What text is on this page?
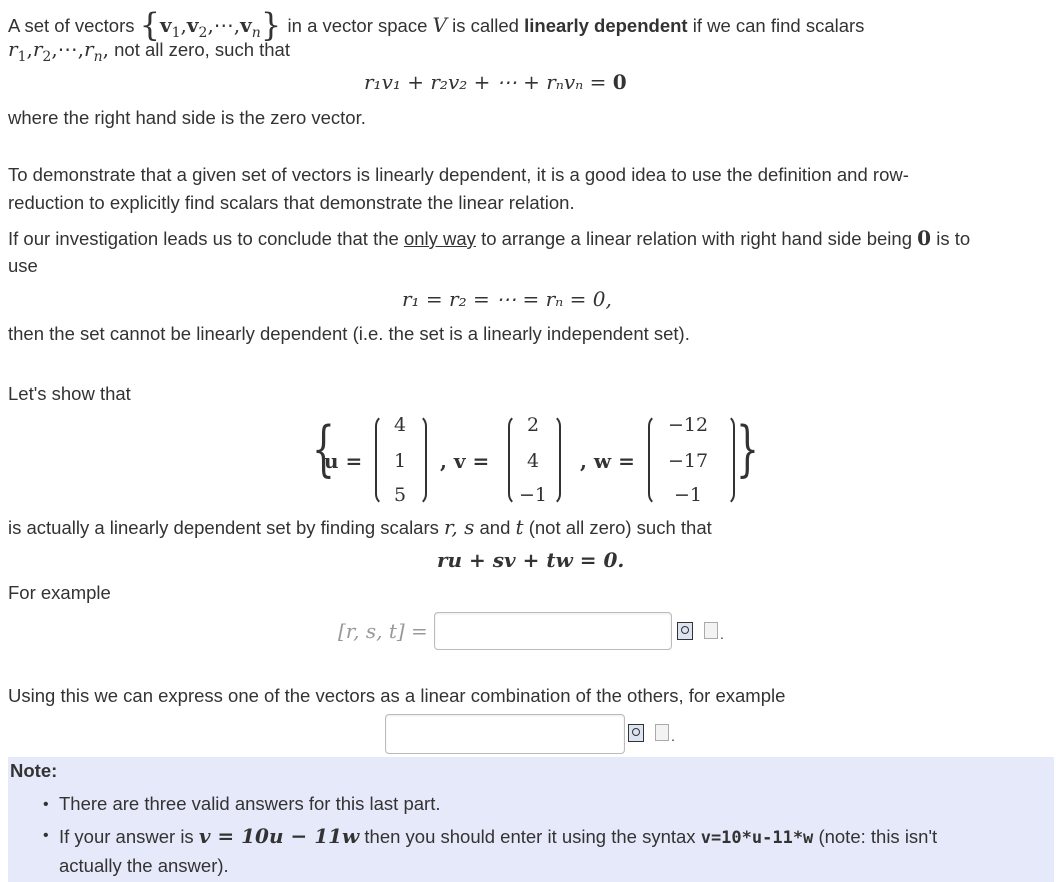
A set of vectors $\{v_1,v_2,\cdots,v_n\}$ in a vector space V is called linearly dependent if we can find scalars
$r_1,r_2,\cdots,r_n$, not all zero, such that
r₁v₁ + r₂v₂ + ⋯ + rₙvₙ = 0
where the right hand side is the zero vector.
To demonstrate that a given set of vectors is linearly dependent, it is a good idea to use the definition and row-
reduction to explicitly find scalars that demonstrate the linear relation.
If our investigation leads us to conclude that the only way to arrange a linear relation with right hand side being 0 is to
use
r₁ = r₂ = ⋯ = rₙ = 0,
then the set cannot be linearly dependent (i.e. the set is a linearly independent set).
Let's show that
{
u =
4
1
5
, v =
2
4
−1
, w =
−12
−17
−1
}
is actually a linearly dependent set by finding scalars r, s and t (not all zero) such that
ru + sv + tw = 0.
For example
[r, s, t] =	.
Using this we can express one of the vectors as a linear combination of the others, for example
.
Note:
• There are three valid answers for this last part.
• If your answer is v = 10u − 11w then you should enter it using the syntax v=10*u-11*w (note: this isn't
actually the answer).
